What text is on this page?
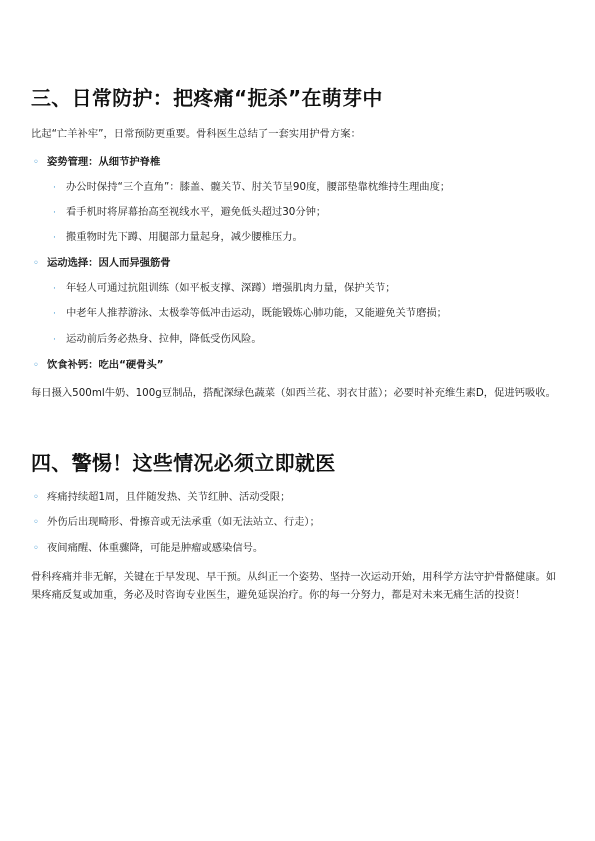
三、日常防护：把疼痛“扼杀”在萌芽中

比起“亡羊补牢”，日常预防更重要。骨科医生总结了一套实用护骨方案：

◦ 姿势管理：从细节护脊椎
· 办公时保持“三个直角”：膝盖、髋关节、肘关节呈90度，腰部垫靠枕维持生理曲度；
· 看手机时将屏幕抬高至视线水平，避免低头超过30分钟；
· 搬重物时先下蹲、用腿部力量起身，减少腰椎压力。
◦ 运动选择：因人而异强筋骨
· 年轻人可通过抗阻训练（如平板支撑、深蹲）增强肌肉力量，保护关节；
· 中老年人推荐游泳、太极拳等低冲击运动，既能锻炼心肺功能，又能避免关节磨损；
· 运动前后务必热身、拉伸，降低受伤风险。
◦ 饮食补钙：吃出“硬骨头”

每日摄入500ml牛奶、100g豆制品，搭配深绿色蔬菜（如西兰花、羽衣甘蓝）；必要时补充维生素D，促进钙吸收。

四、警惕！这些情况必须立即就医
◦ 疼痛持续超1周，且伴随发热、关节红肿、活动受限；
◦ 外伤后出现畸形、骨擦音或无法承重（如无法站立、行走）；
◦ 夜间痛醒、体重骤降，可能是肿瘤或感染信号。

骨科疼痛并非无解，关键在于早发现、早干预。从纠正一个姿势、坚持一次运动开始，用科学方法守护骨骼健康。如果疼痛反复或加重，务必及时咨询专业医生，避免延误治疗。你的每一分努力，都是对未来无痛生活的投资！
